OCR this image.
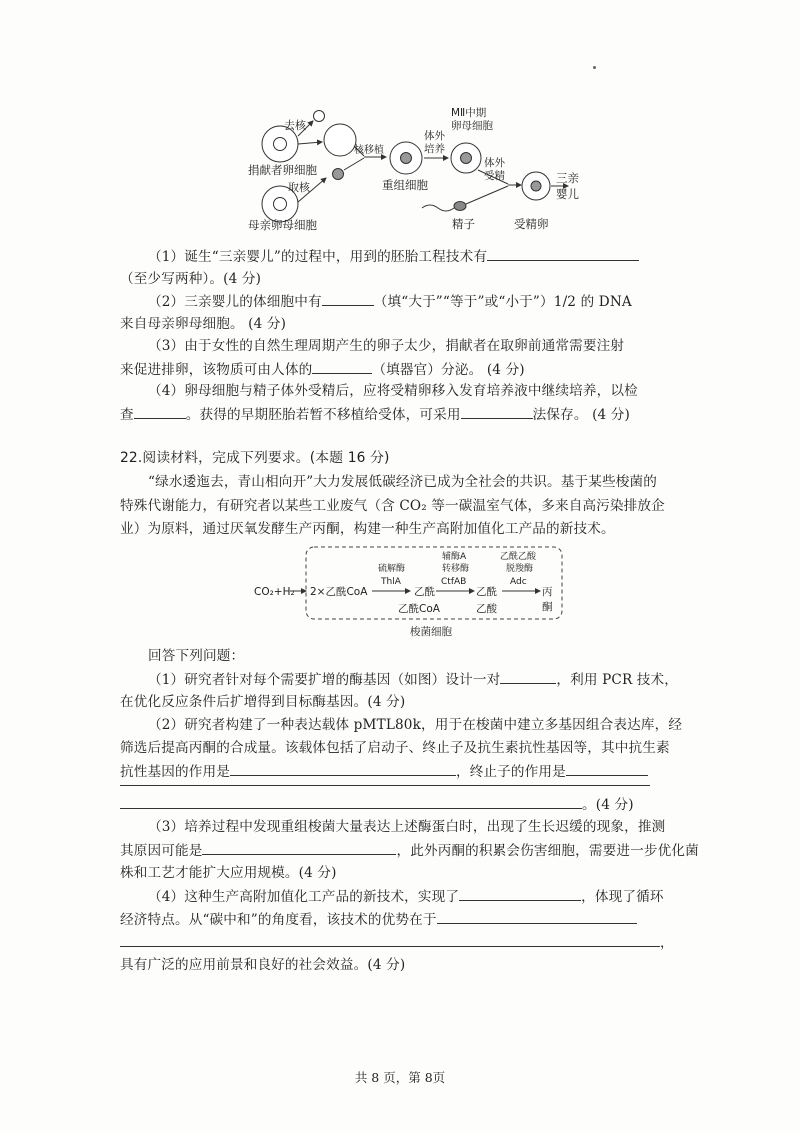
去核
捐献者卵细胞
取核
母亲卵母细胞
核移植
重组细胞
体外
培养
MⅡ中期
卵母细胞
体外
受精
精子	受精卵
三亲
婴儿
（1）诞生“三亲婴儿”的过程中，用到的胚胎工程技术有
（至少写两种）。(4 分)
（2）三亲婴儿的体细胞中有	（填“大于”“等于”或“小于”）1/2 的 DNA
来自母亲卵母细胞。 (4 分)
（3）由于女性的自然生理周期产生的卵子太少，捐献者在取卵前通常需要注射
来促进排卵，该物质可由人体的	（填器官）分泌。 (4 分)
（4）卵母细胞与精子体外受精后，应将受精卵移入发育培养液中继续培养，以检
查	。获得的早期胚胎若暂不移植给受体，可采用	法保存。 (4 分)
22.阅读材料，完成下列要求。(本题 16 分)
“绿水逶迤去，青山相向开”大力发展低碳经济已成为全社会的共识。基于某些梭菌的
特殊代谢能力，有研究者以某些工业废气（含 CO₂ 等一碳温室气体，多来自高污染排放企
业）为原料，通过厌氧发酵生产丙酮，构建一种生产高附加值化工产品的新技术。
CO₂+H₂ 2×乙酰CoA
硫解酶
ThlA
乙酰
乙酰CoA
辅酶A
转移酶
CtfAB
乙酰
乙酸
乙酰乙酸
脱羧酶
Adc
丙
酮
梭菌细胞
回答下列问题：
（1）研究者针对每个需要扩增的酶基因（如图）设计一对	，利用 PCR 技术，
在优化反应条件后扩增得到目标酶基因。(4 分)
（2）研究者构建了一种表达载体 pMTL80k，用于在梭菌中建立多基因组合表达库，经
筛选后提高丙酮的合成量。该载体包括了启动子、终止子及抗生素抗性基因等，其中抗生素
抗性基因的作用是	，终止子的作用是
。(4 分)
（3）培养过程中发现重组梭菌大量表达上述酶蛋白时，出现了生长迟缓的现象，推测
其原因可能是	，此外丙酮的积累会伤害细胞，需要进一步优化菌
株和工艺才能扩大应用规模。(4 分)
（4）这种生产高附加值化工产品的新技术，实现了	，体现了循环
经济特点。从“碳中和”的角度看，该技术的优势在于
，
具有广泛的应用前景和良好的社会效益。(4 分)
共 8 页，第 8页
